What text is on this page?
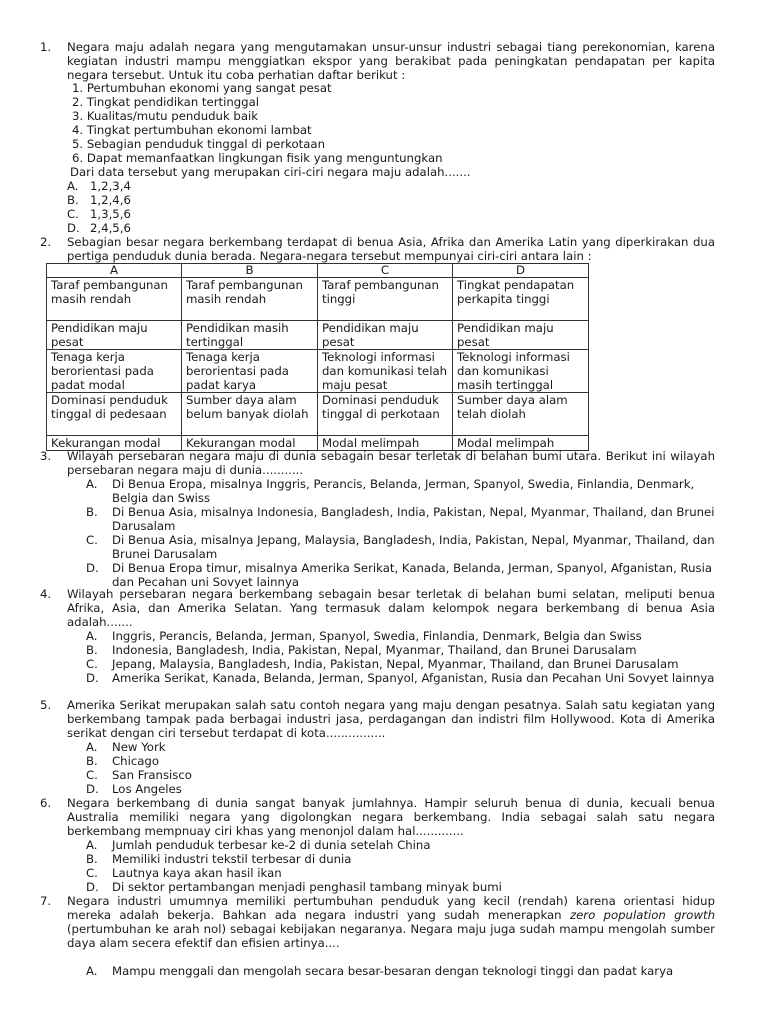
1. Negara maju adalah negara yang mengutamakan unsur-unsur industri sebagai tiang perekonomian, karena kegiatan industri mampu menggiatkan ekspor yang berakibat pada peningkatan pendapatan per kapita negara tersebut. Untuk itu coba perhatian daftar berikut :
1. Pertumbuhan ekonomi yang sangat pesat
2. Tingkat pendidikan tertinggal
3. Kualitas/mutu penduduk baik
4. Tingkat pertumbuhan ekonomi lambat
5. Sebagian penduduk tinggal di perkotaan
6. Dapat memanfaatkan lingkungan fisik yang menguntungkan
Dari data tersebut yang merupakan ciri-ciri negara maju adalah.......
A. 1,2,3,4
B. 1,2,4,6
C. 1,3,5,6
D. 2,4,5,6
2. Sebagian besar negara berkembang terdapat di benua Asia, Afrika dan Amerika Latin yang diperkirakan dua pertiga penduduk dunia berada. Negara-negara tersebut mempunyai ciri-ciri antara lain :
A	B	C	D
Taraf pembangunan masih rendah	Taraf pembangunan masih rendah	Taraf pembangunan tinggi	Tingkat pendapatan perkapita tinggi
Pendidikan maju pesat	Pendidikan masih tertinggal	Pendidikan maju pesat	Pendidikan maju pesat
Tenaga kerja berorientasi pada padat modal	Tenaga kerja berorientasi pada padat karya	Teknologi informasi dan komunikasi telah maju pesat	Teknologi informasi dan komunikasi masih tertinggal
Dominasi penduduk tinggal di pedesaan	Sumber daya alam belum banyak diolah	Dominasi penduduk tinggal di perkotaan	Sumber daya alam telah diolah
Kekurangan modal	Kekurangan modal	Modal melimpah	Modal melimpah
3. Wilayah persebaran negara maju di dunia sebagain besar terletak di belahan bumi utara. Berikut ini wilayah persebaran negara maju di dunia...........
A. Di Benua Eropa, misalnya Inggris, Perancis, Belanda, Jerman, Spanyol, Swedia, Finlandia, Denmark, Belgia dan Swiss
B. Di Benua Asia, misalnya Indonesia, Bangladesh, India, Pakistan, Nepal, Myanmar, Thailand, dan Brunei Darusalam
C. Di Benua Asia, misalnya Jepang, Malaysia, Bangladesh, India, Pakistan, Nepal, Myanmar, Thailand, dan Brunei Darusalam
D. Di Benua Eropa timur, misalnya Amerika Serikat, Kanada, Belanda, Jerman, Spanyol, Afganistan, Rusia dan Pecahan uni Sovyet lainnya
4. Wilayah persebaran negara berkembang sebagain besar terletak di belahan bumi selatan, meliputi benua Afrika, Asia, dan Amerika Selatan. Yang termasuk dalam kelompok negara berkembang di benua Asia adalah.......
A. Inggris, Perancis, Belanda, Jerman, Spanyol, Swedia, Finlandia, Denmark, Belgia dan Swiss
B. Indonesia, Bangladesh, India, Pakistan, Nepal, Myanmar, Thailand, dan Brunei Darusalam
C. Jepang, Malaysia, Bangladesh, India, Pakistan, Nepal, Myanmar, Thailand, dan Brunei Darusalam
D. Amerika Serikat, Kanada, Belanda, Jerman, Spanyol, Afganistan, Rusia dan Pecahan Uni Sovyet lainnya
5. Amerika Serikat merupakan salah satu contoh negara yang maju dengan pesatnya. Salah satu kegiatan yang berkembang tampak pada berbagai industri jasa, perdagangan dan indistri film Hollywood. Kota di Amerika serikat dengan ciri tersebut terdapat di kota................
A. New York
B. Chicago
C. San Fransisco
D. Los Angeles
6. Negara berkembang di dunia sangat banyak jumlahnya. Hampir seluruh benua di dunia, kecuali benua Australia memiliki negara yang digolongkan negara berkembang. India sebagai salah satu negara berkembang mempnuay ciri khas yang menonjol dalam hal.............
A. Jumlah penduduk terbesar ke-2 di dunia setelah China
B. Memiliki industri tekstil terbesar di dunia
C. Lautnya kaya akan hasil ikan
D. Di sektor pertambangan menjadi penghasil tambang minyak bumi
7. Negara industri umumnya memiliki pertumbuhan penduduk yang kecil (rendah) karena orientasi hidup mereka adalah bekerja. Bahkan ada negara industri yang sudah menerapkan zero population growth (pertumbuhan ke arah nol) sebagai kebijakan negaranya. Negara maju juga sudah mampu mengolah sumber daya alam secera efektif dan efisien artinya....
A. Mampu menggali dan mengolah secara besar-besaran dengan teknologi tinggi dan padat karya
